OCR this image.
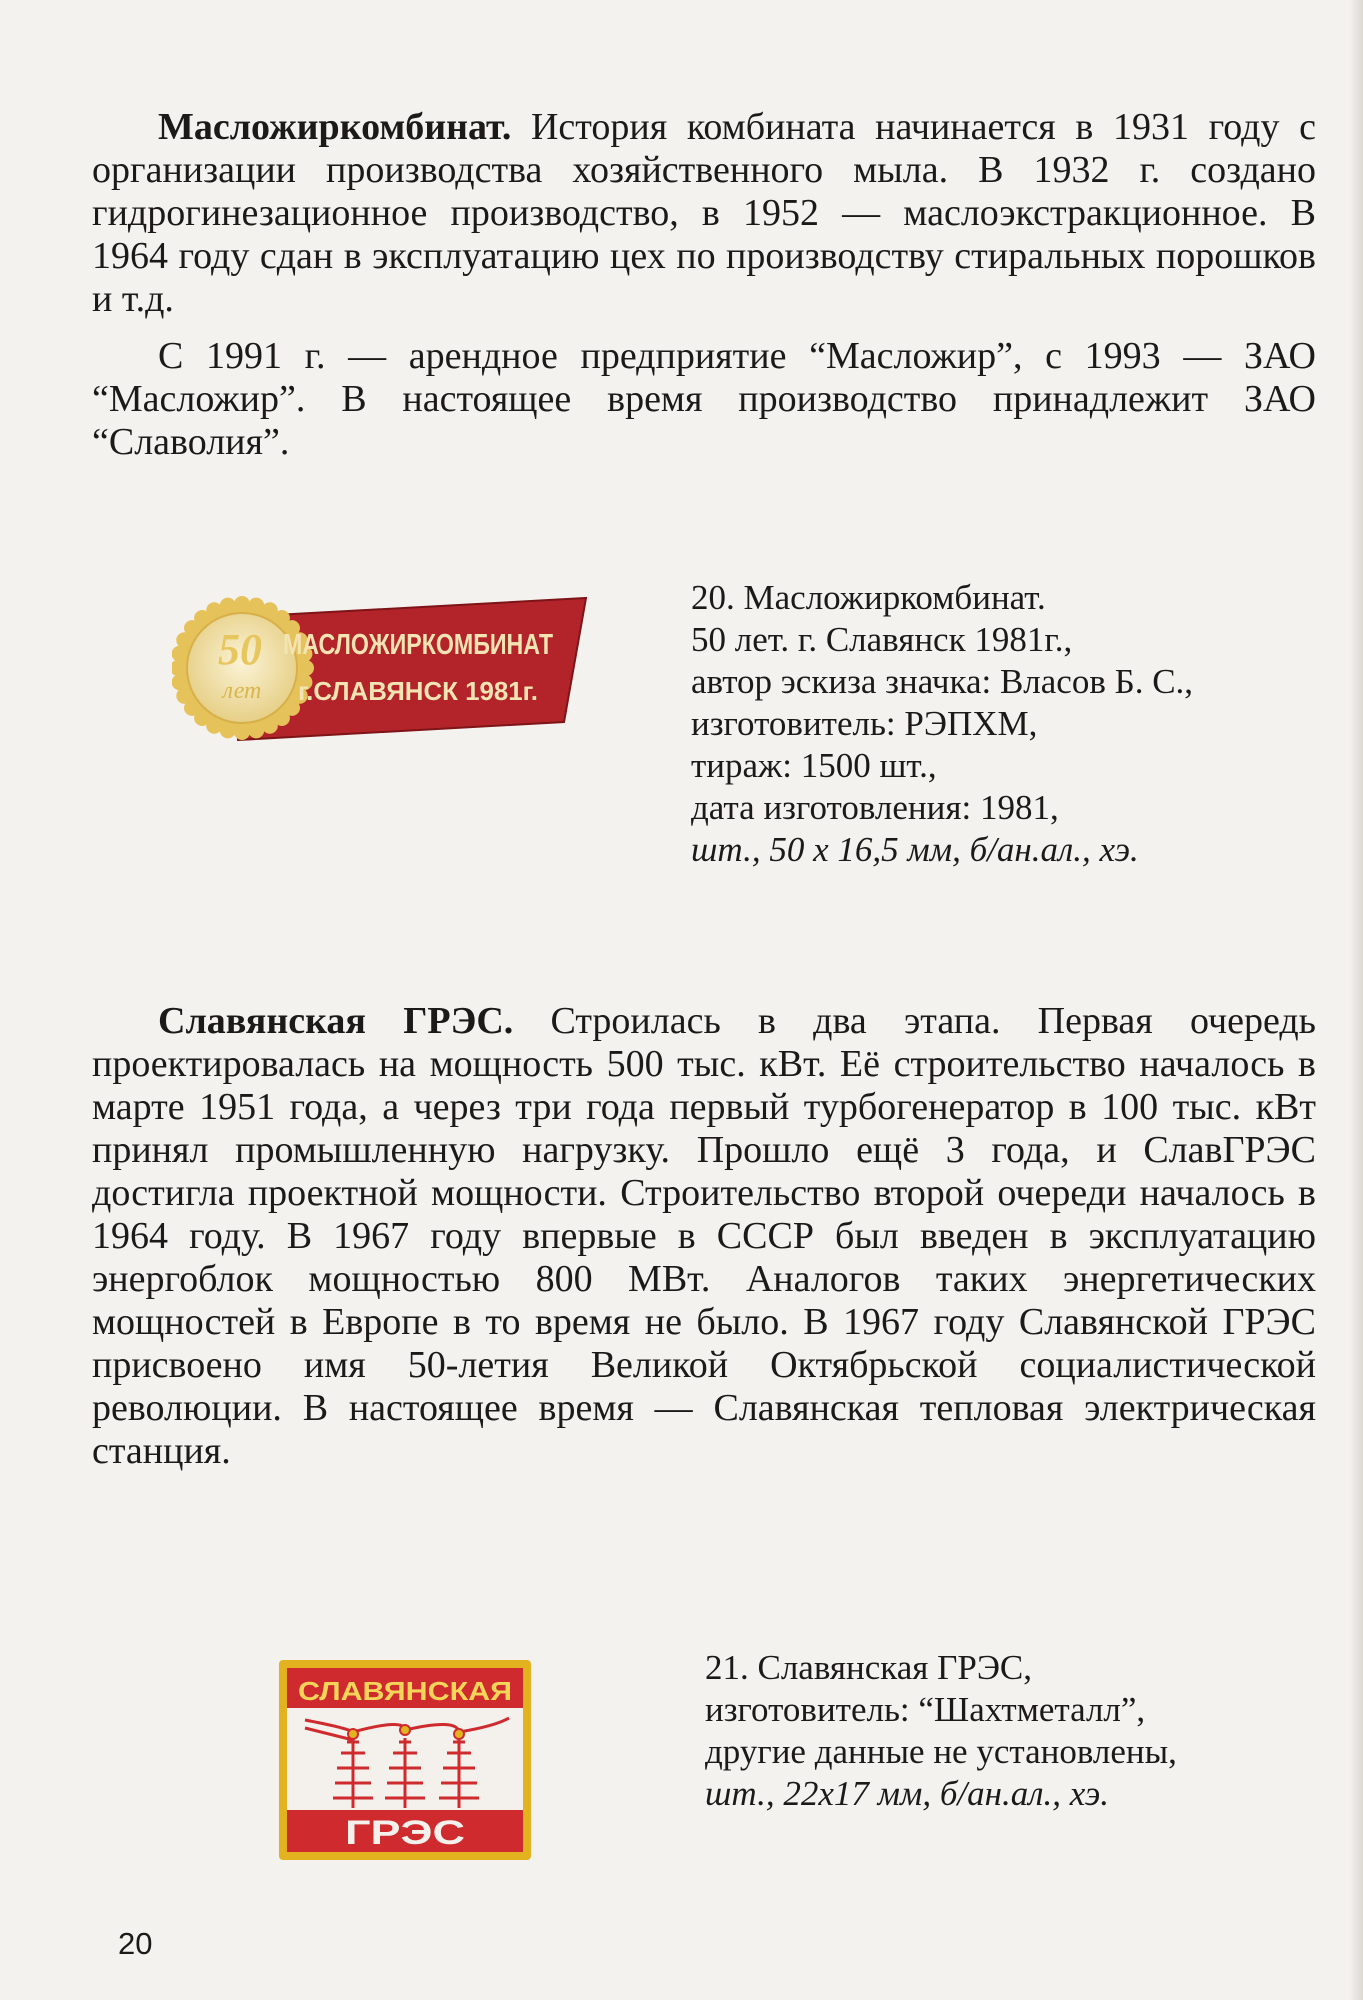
Масложиркомбинат. История комбината начинается в 1931 году с организации производства хозяйственного мыла. В 1932 г. создано гидрогинезационное производство, в 1952 — маслоэкстракционное. В 1964 году сдан в эксплуатацию цех по производству стиральных порошков и т.д.

С 1991 г. — арендное предприятие “Масложир”, с 1993 — ЗАО “Масложир”. В настоящее время производство принадлежит ЗАО “Славолия”.

50
лет
МАСЛОЖИРКОМБИНАТ
г.СЛАВЯНСК 1981г.
20. Масложиркомбинат.
50 лет. г. Славянск 1981г.,
автор эскиза значка: Власов Б. С.,
изготовитель: РЭПХМ,
тираж: 1500 шт.,
дата изготовления: 1981,
шт., 50 х 16,5 мм, б/ан.ал., хэ.

Славянская ГРЭС. Строилась в два этапа. Первая очередь проектировалась на мощность 500 тыс. кВт. Её строительство началось в марте 1951 года, а через три года первый турбогенератор в 100 тыс. кВт принял промышленную нагрузку. Прошло ещё 3 года, и СлавГРЭС достигла проектной мощности. Строительство второй очереди началось в 1964 году. В 1967 году впервые в СССР был введен в эксплуатацию энергоблок мощностью 800 МВт. Аналогов таких энергетических мощностей в Европе в то время не было. В 1967 году Славянской ГРЭС присвоено имя 50-летия Великой Октябрьской социалистической революции. В настоящее время — Славянская тепловая электрическая станция.

СЛАВЯНСКАЯ
ГРЭС
21. Славянская ГРЭС,
изготовитель: “Шахтметалл”,
другие данные не установлены,
шт., 22х17 мм, б/ан.ал., хэ.
20
